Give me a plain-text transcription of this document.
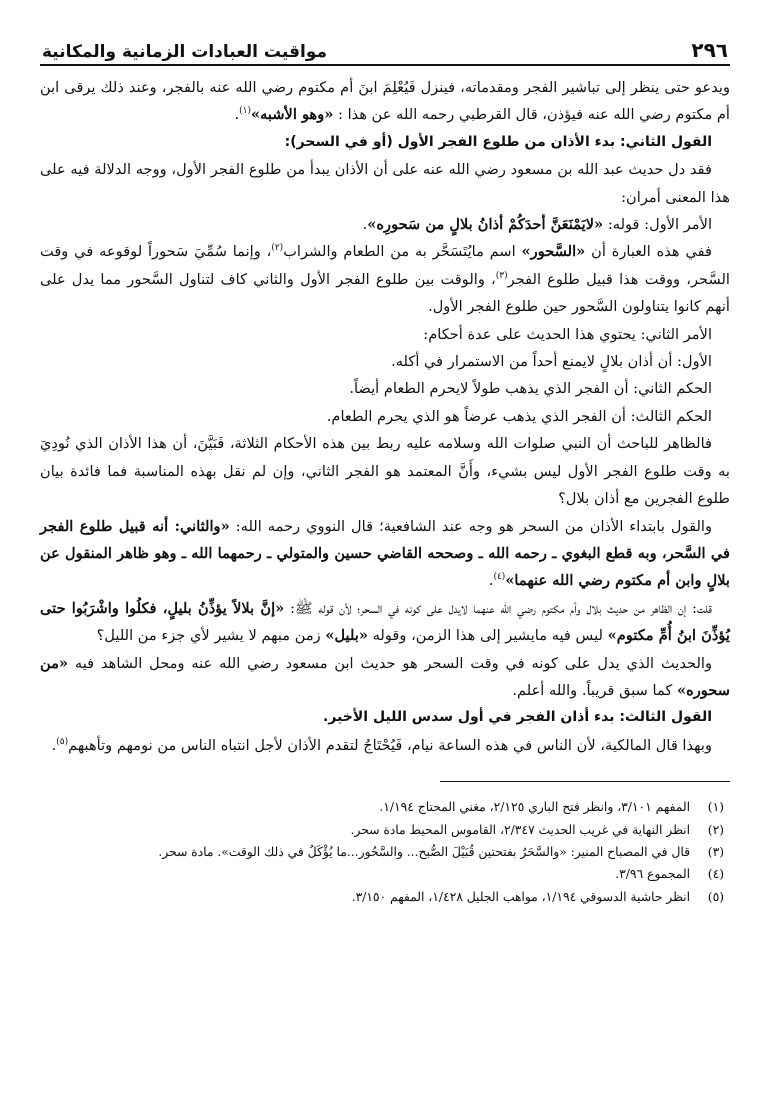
٢٩٦
مواقيت العبادات الزمانية والمكانية

ويدعو حتى ينظر إلى تباشير الفجر ومقدماته، فينزل فَيُعْلِمَ ابنَ أم مكتوم رضي الله عنه بالفجر، وعند ذلك يرقى ابن أم مكتوم رضي الله عنه فيؤذن، قال القرطبي رحمه الله عن هذا : «وهو الأشبه»$^{(١)}$.

القول الثاني: بدء الأذان من طلوع الفجر الأول (أو في السحر):

فقد دل حديث عبد الله بن مسعود رضي الله عنه على أن الأذان يبدأ من طلوع الفجر الأول، ووجه الدلالة فيه على هذا المعنى أمران:

الأمر الأول: قوله: «لايَمْنَعَنَّ أحدَكُمْ أذانُ بلالٍ من سَحورِه».

ففي هذه العبارة أن «السَّحور» اسم مايُتَسَحَّر به من الطعام والشراب$^{(٢)}$، وإنما سُمِّيَ سَحوراً لوقوعه في وقت السَّحر، ووقت هذا قبيل طلوع الفجر$^{(٣)}$، والوقت بين طلوع الفجر الأول والثاني كاف لتناول السَّحور مما يدل على أنهم كانوا يتناولون السَّحور حين طلوع الفجر الأول.

الأمر الثاني: يحتوي هذا الحديث على عدة أحكام:

الأول: أن أذان بلالٍ لايمنع أحداً من الاستمرار في أكله.

الحكم الثاني: أن الفجر الذي يذهب طولاً لايحرم الطعام أيضاً.

الحكم الثالث: أن الفجر الذي يذهب عرضاً هو الذي يحرم الطعام.

فالظاهر للباحث أن النبي صلوات الله وسلامه عليه ربط بين هذه الأحكام الثلاثة، فَبَيَّنَ، أن هذا الأذان الذي نُودِيَ به وقت طلوع الفجر الأول ليس بشيء، وأَنَّ المعتمد هو الفجر الثاني، وإن لم نقل بهذه المناسبة فما فائدة بيان طلوع الفجرين مع أذان بلال؟

والقول بابتداء الأذان من السحر هو وجه عند الشافعية؛ قال النووي رحمه الله: «والثاني: أنه قبيل طلوع الفجر في السَّحر، وبه قطع البغوي ـ رحمه الله ـ وصححه القاضي حسين والمتولي ـ رحمهما الله ـ وهو ظاهر المنقول عن بلالٍ وابن أم مكتوم رضي الله عنهما»$^{(٤)}$.

قلت: إن الظاهر من حديث بلال وأم مكتوم رضي الله عنهما لايدل على كونه في السحر؛ لأن قوله ﷺ: «إنَّ بلالاً يؤذِّنُ بليلٍ، فكلُوا واشْرَبُوا حتى يُؤذِّنَ ابنُ أُمِّ مكتوم» ليس فيه مايشير إلى هذا الزمن، وقوله «بليل» زمن مبهم لا يشير لأي جزء من الليل؟

والحديث الذي يدل على كونه في وقت السحر هو حديث ابن مسعود رضي الله عنه ومحل الشاهد فيه «من سحوره» كما سبق قريباً. والله أعلم.

القول الثالث: بدء أذان الفجر في أول سدس الليل الأخير.

وبهذا قال المالكية، لأن الناس في هذه الساعة نيام، فَيُحْتَاجُ لتقدم الأذان لأجل انتباه الناس من نومهم وتأهبهم$^{(٥)}$.

(١)
المفهم ٣/١٠١، وانظر فتح الباري ٢/١٢٥، مغني المحتاج ١/١٩٤.
(٢)
انظر النهاية في غريب الحديث ٢/٣٤٧، القاموس المحيط مادة سحر.
(٣)
قال في المصباح المنير: «والسَّحَرُ بفتحتين قُبَيْلَ الصُّبح... والسَّحُور...ما يُؤْكَلُ في ذلك الوقت». مادة سحر.
(٤)
المجموع ٣/٩٦.
(٥)
انظر حاشية الدسوقي ١/١٩٤، مواهب الجليل ١/٤٢٨، المفهم ٣/١٥٠.
